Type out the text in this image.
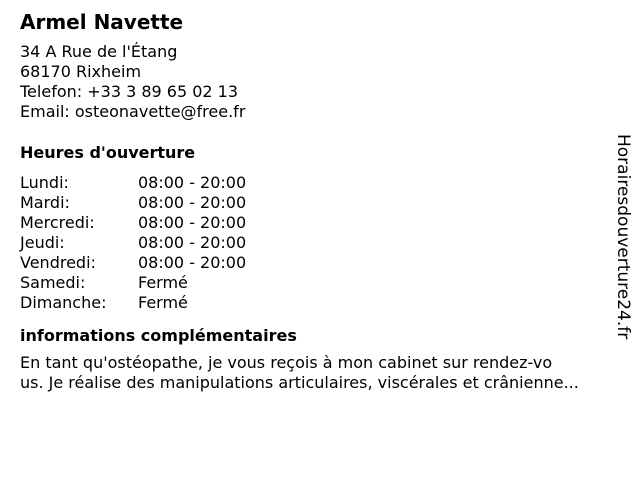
Armel Navette
34 A Rue de l'Étang
68170 Rixheim
Telefon: +33 3 89 65 02 13
Email: osteonavette@free.fr
Heures d'ouverture
Lundi:	08:00 - 20:00
Mardi:	08:00 - 20:00
Mercredi:	08:00 - 20:00
Jeudi:	08:00 - 20:00
Vendredi:	08:00 - 20:00
Samedi:	Fermé
Dimanche:	Fermé
informations complémentaires
En tant qu'ostéopathe, je vous reçois à mon cabinet sur rendez-vo
us. Je réalise des manipulations articulaires, viscérales et crânienne...
Horairesdouverture24.fr
